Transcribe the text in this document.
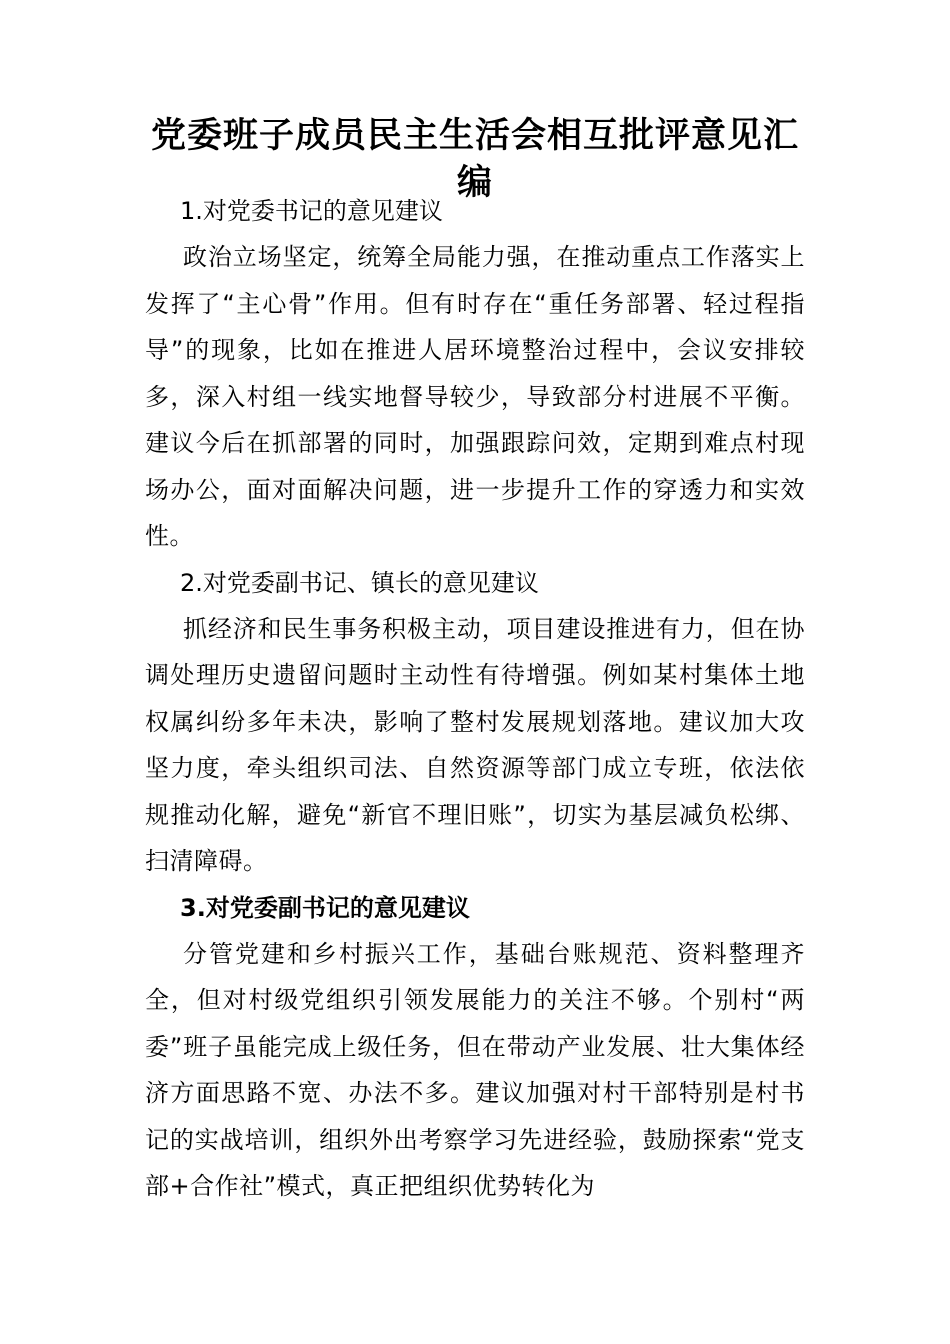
党委班子成员民主生活会相互批评意见汇编

1.对党委书记的意见建议

政治立场坚定，统筹全局能力强，在推动重点工作落实上发挥了“主心骨”作用。但有时存在“重任务部署、轻过程指导”的现象，比如在推进人居环境整治过程中，会议安排较多，深入村组一线实地督导较少，导致部分村进展不平衡。建议今后在抓部署的同时，加强跟踪问效，定期到难点村现场办公，面对面解决问题，进一步提升工作的穿透力和实效性。

2.对党委副书记、镇长的意见建议

抓经济和民生事务积极主动，项目建设推进有力，但在协调处理历史遗留问题时主动性有待增强。例如某村集体土地权属纠纷多年未决，影响了整村发展规划落地。建议加大攻坚力度，牵头组织司法、自然资源等部门成立专班，依法依规推动化解，避免“新官不理旧账”，切实为基层减负松绑、扫清障碍。

3.对党委副书记的意见建议

分管党建和乡村振兴工作，基础台账规范、资料整理齐全，但对村级党组织引领发展能力的关注不够。个别村“两委”班子虽能完成上级任务，但在带动产业发展、壮大集体经济方面思路不宽、办法不多。建议加强对村干部特别是村书记的实战培训，组织外出考察学习先进经验，鼓励探索“党支部+合作社”模式，真正把组织优势转化为
